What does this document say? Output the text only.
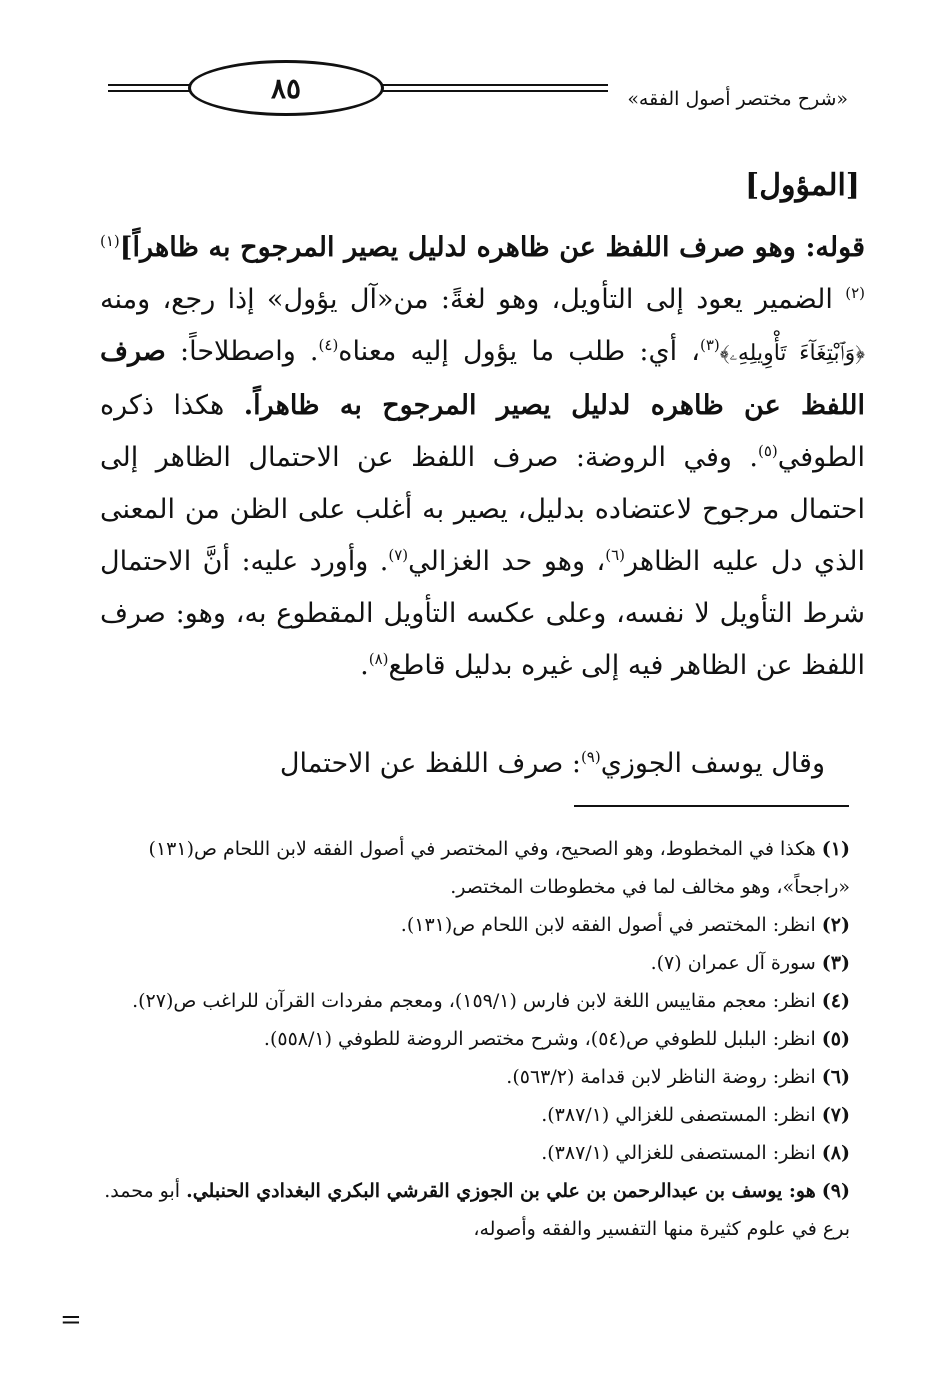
٨٥	«شرح مختصر أصول الفقه»
[المؤول]
قوله: وهو صرف اللفظ عن ظاهره لدليل يصير المرجوح به ظاهراً]$^{(١)(٢)}$ الضمير يعود إلى التأويل، وهو لغةً: من«آل يؤول» إذا رجع، ومنه ﴿وَٱبْتِغَآءَ تَأْوِيلِهِۦ﴾$^{(٣)}$، أي: طلب ما يؤول إليه معناه$^{(٤)}$. واصطلاحاً: صرف اللفظ عن ظاهره لدليل يصير المرجوح به ظاهراً. هكذا ذكره الطوفي$^{(٥)}$. وفي الروضة: صرف اللفظ عن الاحتمال الظاهر إلى احتمال مرجوح لاعتضاده بدليل، يصير به أغلب على الظن من المعنى الذي دل عليه الظاهر$^{(٦)}$، وهو حد الغزالي$^{(٧)}$. وأورد عليه: أنَّ الاحتمال شرط التأويل لا نفسه، وعلى عكسه التأويل المقطوع به، وهو: صرف اللفظ عن الظاهر فيه إلى غيره بدليل قاطع$^{(٨)}$.
وقال يوسف الجوزي$^{(٩)}$: صرف اللفظ عن الاحتمال
(١)هكذا في المخطوط، وهو الصحيح، وفي المختصر في أصول الفقه لابن اللحام ص(١٣١) «راجحاً»، وهو مخالف لما في مخطوطات المختصر.
(٢)انظر: المختصر في أصول الفقه لابن اللحام ص(١٣١).
(٣)سورة آل عمران (٧).
(٤)انظر: معجم مقاييس اللغة لابن فارس (١٥٩/١)، ومعجم مفردات القرآن للراغب ص(٢٧).
(٥)انظر: البلبل للطوفي ص(٥٤)، وشرح مختصر الروضة للطوفي (٥٥٨/١).
(٦)انظر: روضة الناظر لابن قدامة (٥٦٣/٢).
(٧)انظر: المستصفى للغزالي (٣٨٧/١).
(٨)انظر: المستصفى للغزالي (٣٨٧/١).
(٩)هو: يوسف بن عبدالرحمن بن علي بن الجوزي القرشي البكري البغدادي الحنبلي. أبو محمد. برع في علوم كثيرة منها التفسير والفقه وأصوله،
=
